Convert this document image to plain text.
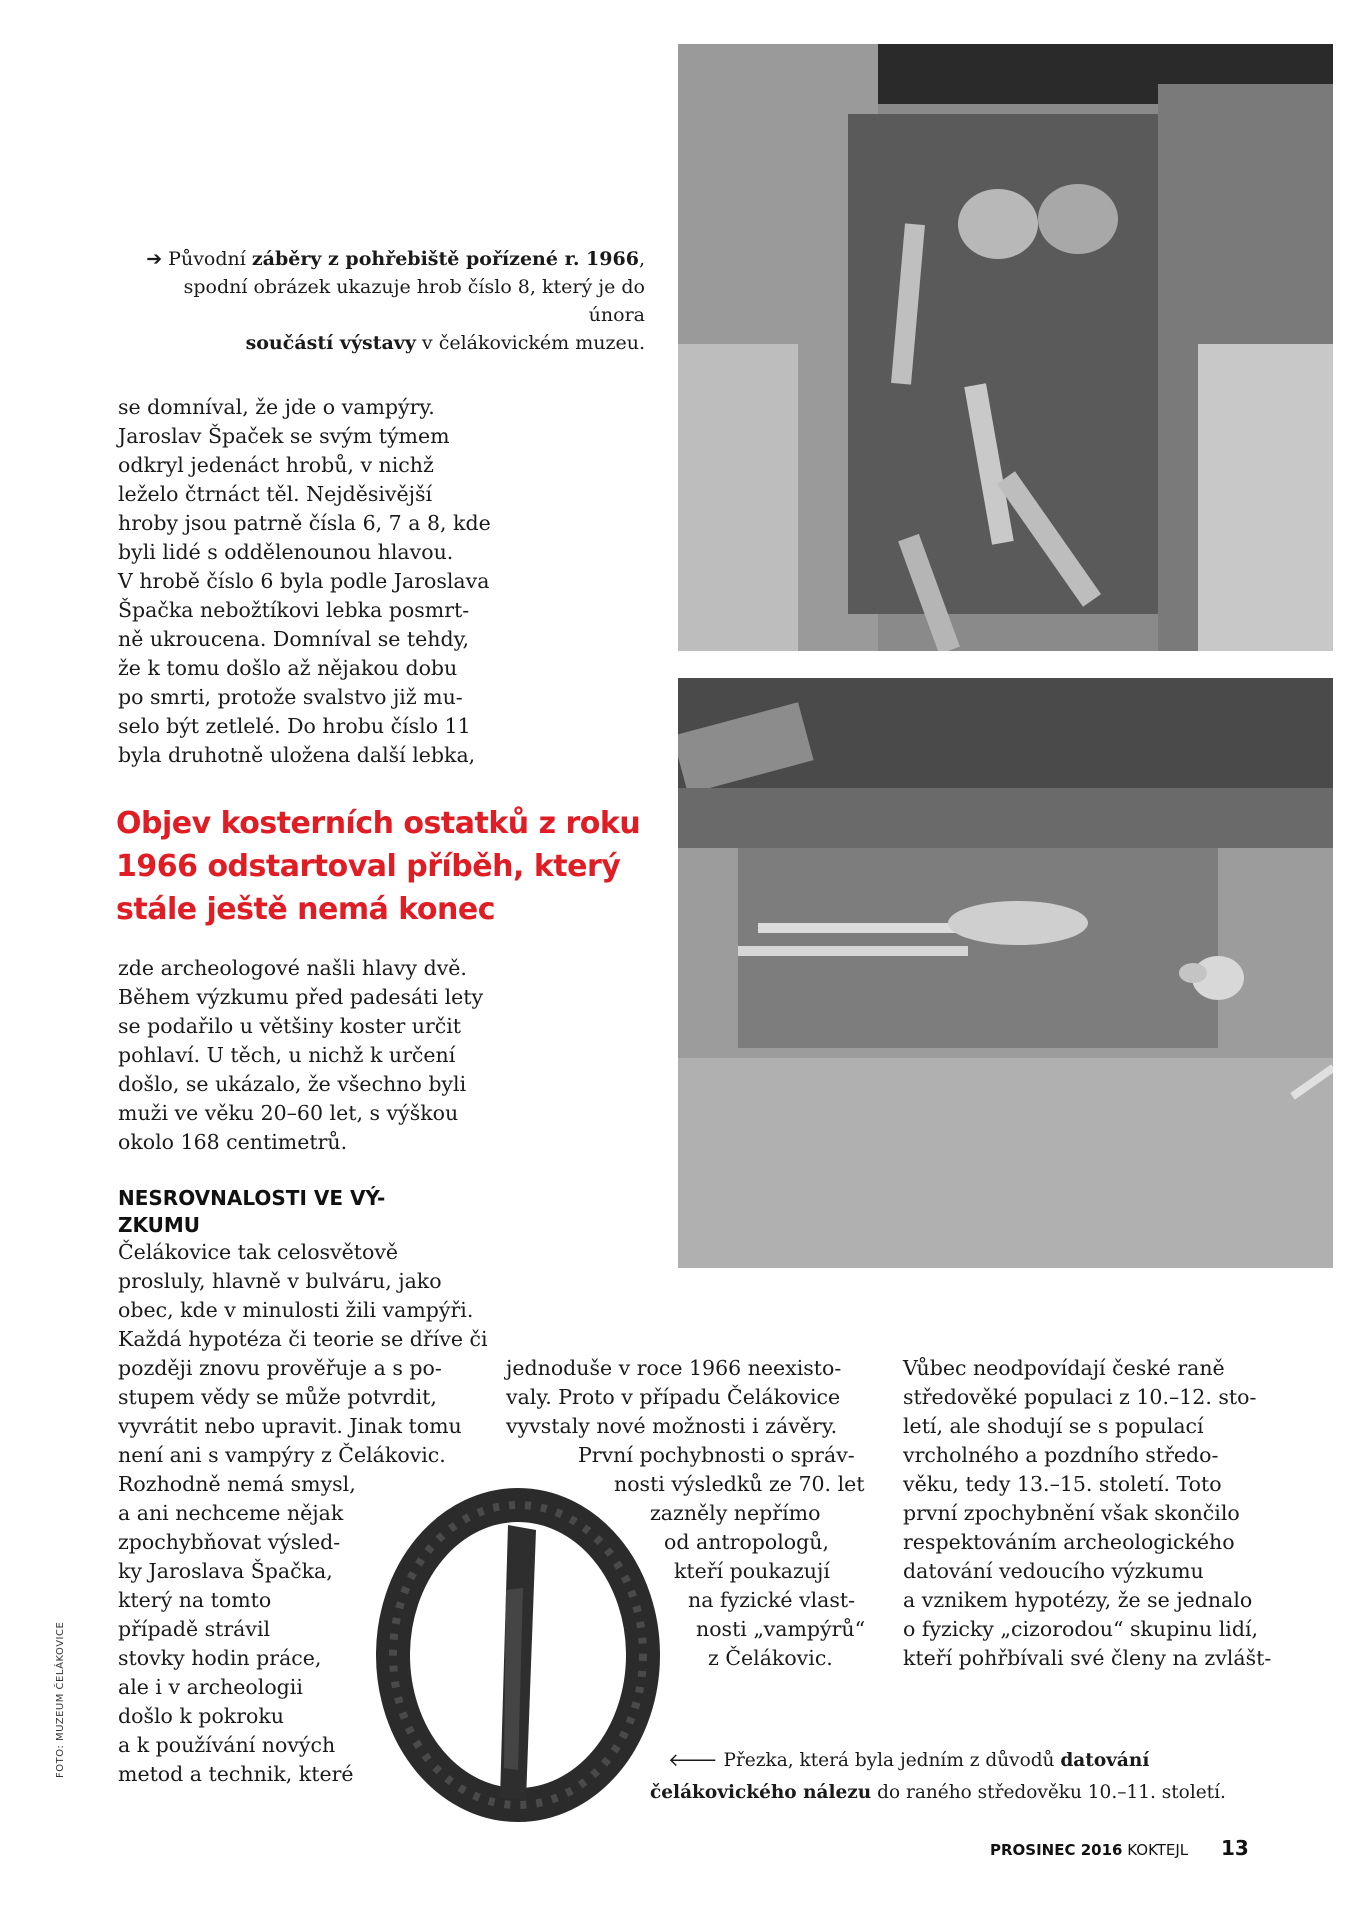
➔ Původní záběry z pohřebiště pořízené r. 1966,
spodní obrázek ukazuje hrob číslo 8, který je do února
součástí výstavy v čelákovickém muzeu.

se domníval, že jde o vampýry.

Jaroslav Špaček se svým týmem

odkryl jedenáct hrobů, v nichž

leželo čtrnáct těl. Nejděsivější

hroby jsou patrně čísla 6, 7 a 8, kde

byli lidé s oddělenounou hlavou.

V hrobě číslo 6 byla podle Jaroslava

Špačka nebožtíkovi lebka posmrt-

ně ukroucena. Domníval se tehdy,

že k tomu došlo až nějakou dobu

po smrti, protože svalstvo již mu-

selo být zetlelé. Do hrobu číslo 11

byla druhotně uložena další lebka,

Objev kosterních ostatků z roku
1966 odstartoval příběh, který
stále ještě nemá konec

zde archeologové našli hlavy dvě.

Během výzkumu před padesáti lety

se podařilo u většiny koster určit

pohlaví. U těch, u nichž k určení

došlo, se ukázalo, že všechno byli

muži ve věku 20–60 let, s výškou

okolo 168 centimetrů.

NESROVNALOSTI VE VÝ-
ZKUMU

Čelákovice tak celosvětově

prosluly, hlavně v bulváru, jako

obec, kde v minulosti žili vampýři.

Každá hypotéza či teorie se dříve či

později znovu prověřuje a s po-

stupem vědy se může potvrdit,

vyvrátit nebo upravit. Jinak tomu

není ani s vampýry z Čelákovic.

Rozhodně nemá smysl,

a ani nechceme nějak

zpochybňovat výsled-

ky Jaroslava Špačka,

který na tomto

případě strávil

stovky hodin práce,

ale i v archeologii

došlo k pokroku

a k používání nových

metod a technik, které

jednoduše v roce 1966 neexisto-

valy. Proto v případu Čelákovice

vyvstaly nové možnosti i závěry.

První pochybnosti o správ-

nosti výsledků ze 70. let

zazněly nepřímo

od antropologů,

kteří poukazují

na fyzické vlast-

nosti „vampýrů“

z Čelákovic.

Vůbec neodpovídají české raně

středověké populaci z 10.–12. sto-

letí, ale shodují se s populací

vrcholného a pozdního středo-

věku, tedy 13.–15. století. Toto

první zpochybnění však skončilo

respektováním archeologického

datování vedoucího výzkumu

a vznikem hypotézy, že se jednalo

o fyzicky „cizorodou“ skupinu lidí,

kteří pohřbívali své členy na zvlášt-

🡐 Přezka, která byla jedním z důvodů datování
čelákovického nálezu do raného středověku 10.–11. století.
FOTO: MUZEUM ČELÁKOVICE
PROSINEC 2016 KOKTEJL 13
